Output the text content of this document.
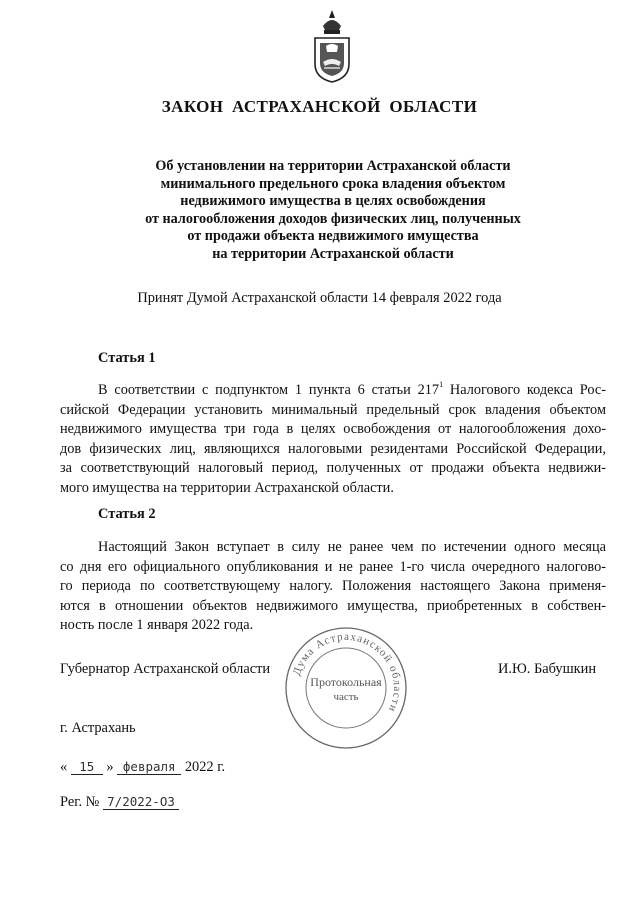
ЗАКОН АСТРАХАНСКОЙ ОБЛАСТИ
Об установлении на территории Астраханской области
минимального предельного срока владения объектом
недвижимого имущества в целях освобождения
от налогообложения доходов физических лиц, полученных
от продажи объекта недвижимого имущества
на территории Астраханской области
Принят Думой Астраханской области 14 февраля 2022 года
Статья 1
В соответствии с подпунктом 1 пункта 6 статьи $217^1$ Налогового кодекса Рос-
сийской Федерации установить минимальный предельный срок владения объектом
недвижимого имущества три года в целях освобождения от налогообложения дохо-
дов физических лиц, являющихся налоговыми резидентами Российской Федерации,
за соответствующий налоговый период, полученных от продажи объекта недвижи-
мого имущества на территории Астраханской области.
Статья 2
Настоящий Закон вступает в силу не ранее чем по истечении одного месяца
со дня его официального опубликования и не ранее 1-го числа очередного налогово-
го периода по соответствующему налогу. Положения настоящего Закона применя-
ются в отношении объектов недвижимого имущества, приобретенных в собствен-
ность после 1 января 2022 года.
Дума Астраханской области
Протокольная
часть
Губернатор Астраханской области	И.Ю. Бабушкин
г. Астрахань
« 15 » февраля 2022 г.
Рег. № 7/2022-ОЗ
